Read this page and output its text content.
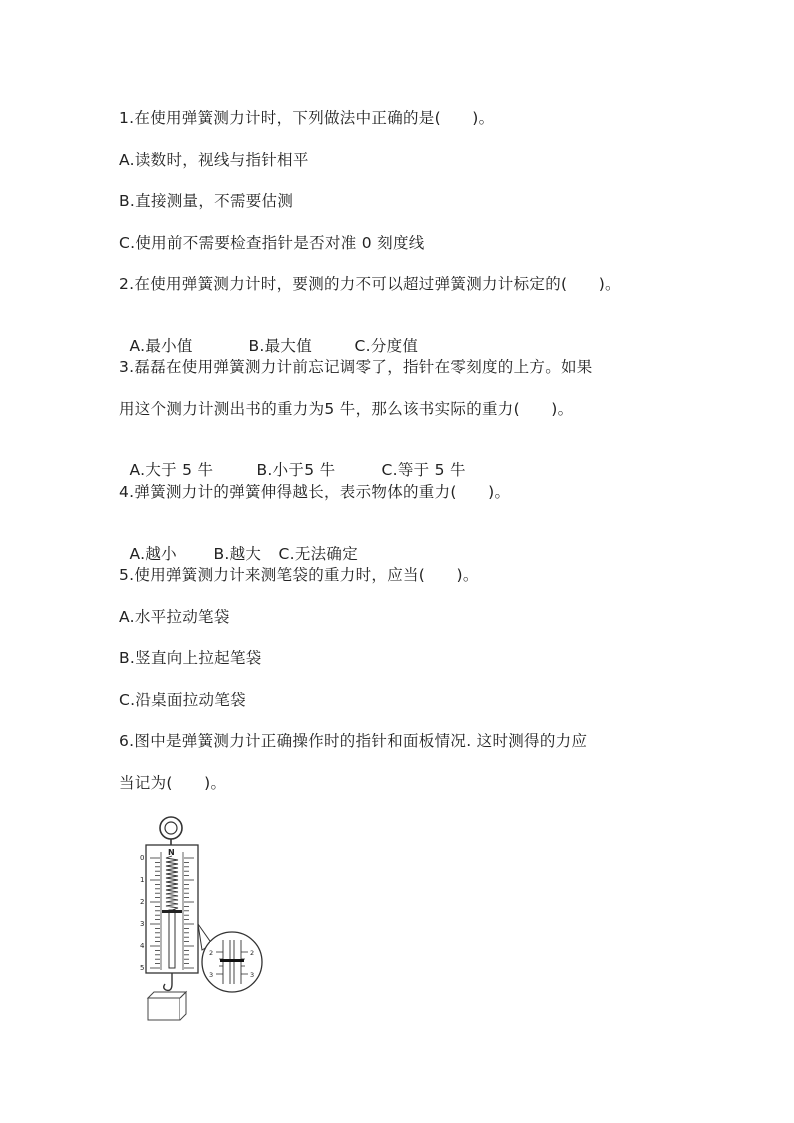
1.在使用弹簧测力计时，下列做法中正确的是(      )。
A.读数时，视线与指针相平
B.直接测量，不需要估测
C.使用前不需要检查指针是否对准 0 刻度线
2.在使用弹簧测力计时，要测的力不可以超过弹簧测力计标定的(      )。

A.最小值	B.最大值	C.分度值

3.磊磊在使用弹簧测力计前忘记调零了，指针在零刻度的上方。如果
用这个测力计测出书的重力为5 牛，那么该书实际的重力(      )。

A.大于 5 牛	B.小于5 牛	C.等于 5 牛

4.弹簧测力计的弹簧伸得越长，表示物体的重力(      )。

A.越小 B.越大 C.无法确定

5.使用弹簧测力计来测笔袋的重力时，应当(      )。
A.水平拉动笔袋
B.竖直向上拉起笔袋
C.沿桌面拉动笔袋
6.图中是弹簧测力计正确操作时的指针和面板情况. 这时测得的力应
当记为(      )。
N
0
1
2
3
4
5
2	2
3	3
